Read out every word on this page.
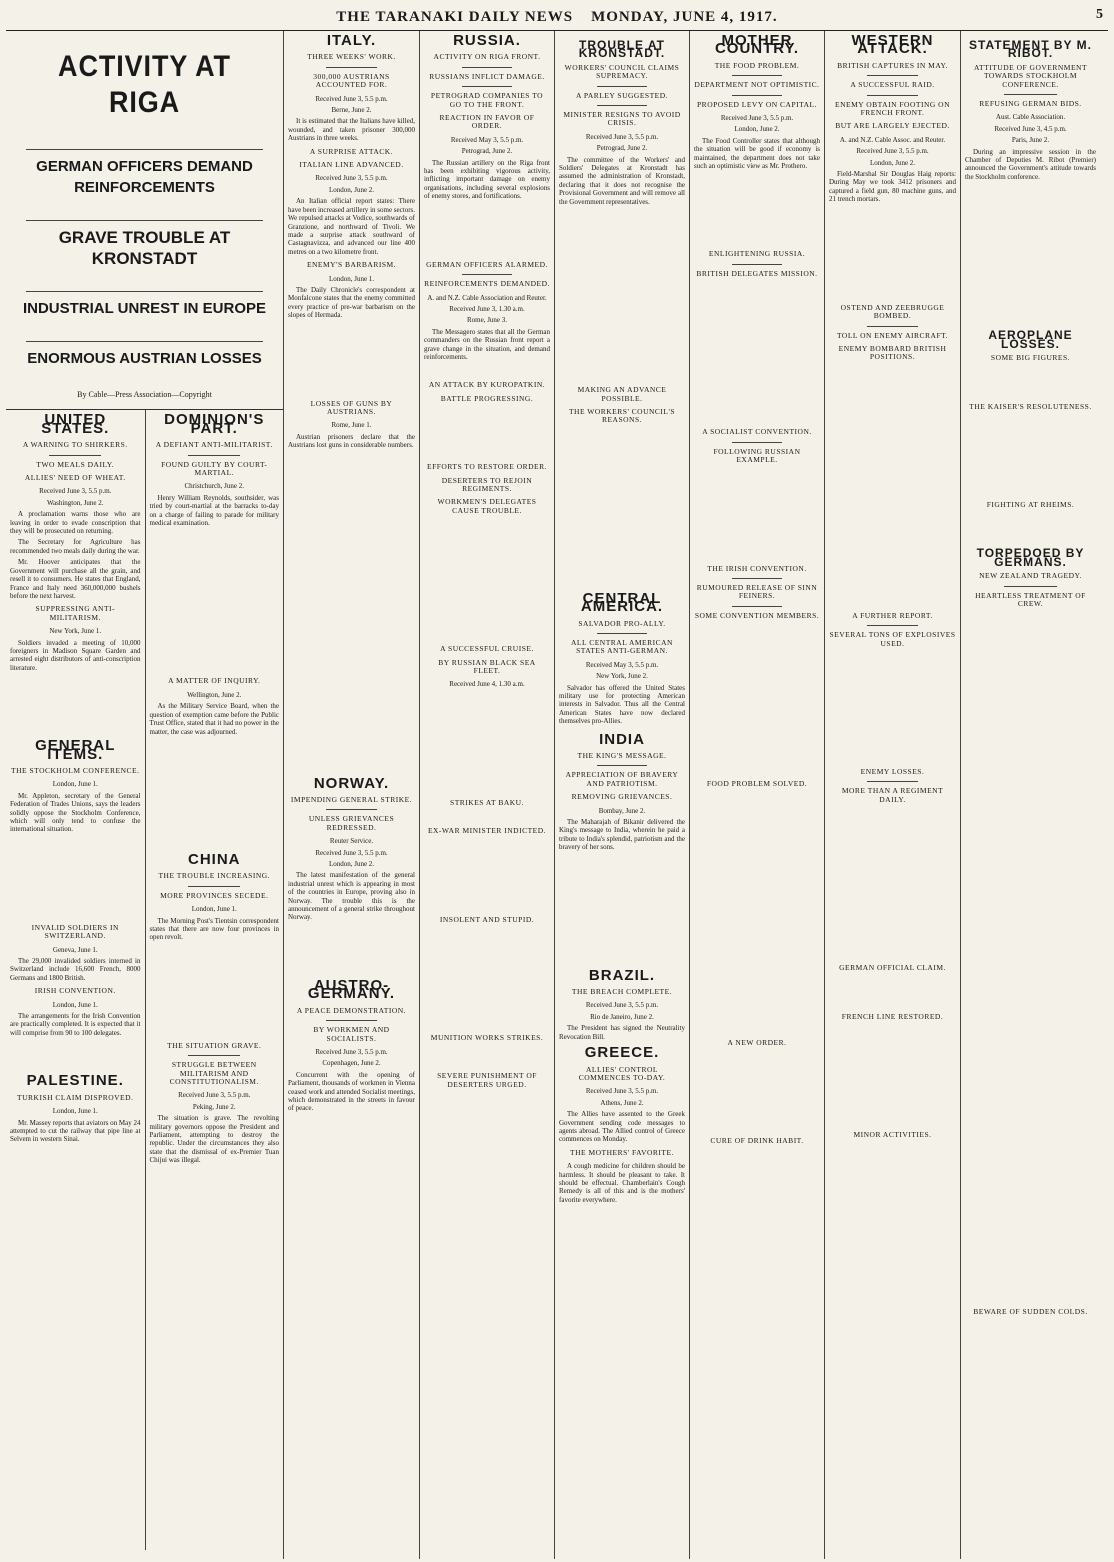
THE TARANAKI DAILY NEWS MONDAY, JUNE 4, 1917.	5
ACTIVITY AT RIGA
GERMAN OFFICERS DEMAND REINFORCEMENTS
GRAVE TROUBLE AT KRONSTADT
INDUSTRIAL UNREST IN EUROPE
ENORMOUS AUSTRIAN LOSSES
By Cable—Press Association—Copyright
UNITED STATES.
A WARNING TO SHIRKERS.
TWO MEALS DAILY.
ALLIES' NEED OF WHEAT.
Received June 3, 5.5 p.m.
Washington, June 2.

A proclamation warns those who are leaving in order to evade conscription that they will be prosecuted on returning.

The Secretary for Agriculture has recommended two meals daily during the war.

Mr. Hoover anticipates that the Government will purchase all the grain, and resell it to consumers. He states that England, France and Italy need 360,000,000 bushels before the next harvest.

SUPPRESSING ANTI-MILITARISM.
New York, June 1.

Soldiers invaded a meeting of 10,000 foreigners in Madison Square Garden and arrested eight distributors of anti-conscription literature.

GENERAL ITEMS.
THE STOCKHOLM CONFERENCE.
London, June 1.

Mr. Appleton, secretary of the General Federation of Trades Unions, says the leaders solidly oppose the Stockholm Conference, which will only tend to confuse the international situation.

INVALID SOLDIERS IN SWITZERLAND.
Geneva, June 1.

The 29,000 invalided soldiers interned in Switzerland include 16,600 French, 8000 Germans and 1800 British.

IRISH CONVENTION.
London, June 1.

The arrangements for the Irish Convention are practically completed. It is expected that it will comprise from 90 to 100 delegates.

PALESTINE.
TURKISH CLAIM DISPROVED.
London, June 1.

Mr. Massey reports that aviators on May 24 attempted to cut the railway that pipe line at Selvem in western Sinai.

DOMINION'S PART.
A DEFIANT ANTI-MILITARIST.
FOUND GUILTY BY COURT-MARTIAL.
Christchurch, June 2.

Henry William Reynolds, southsider, was tried by court-martial at the barracks to-day on a charge of failing to parade for military medical examination.

A MATTER OF INQUIRY.
Wellington, June 2.

As the Military Service Board, when the question of exemption came before the Public Trust Office, stated that it had no power in the matter, the case was adjourned.

CHINA
THE TROUBLE INCREASING.
MORE PROVINCES SECEDE.
London, June 1.

The Morning Post's Tientsin correspondent states that there are now four provinces in open revolt.

THE SITUATION GRAVE.
STRUGGLE BETWEEN MILITARISM AND CONSTITUTIONALISM.
Received June 3, 5.5 p.m.
Peking, June 2.

The situation is grave. The revolting military governors oppose the President and Parliament, attempting to destroy the republic. Under the circumstances they also state that the dismissal of ex-Premier Tuan Chijui was illegal.

ITALY.
THREE WEEKS' WORK.
300,000 AUSTRIANS ACCOUNTED FOR.
Received June 3, 5.5 p.m.
Berne, June 2.

It is estimated that the Italians have killed, wounded, and taken prisoner 300,000 Austrians in three weeks.

A SURPRISE ATTACK.
ITALIAN LINE ADVANCED.
Received June 3, 5.5 p.m.
London, June 2.

An Italian official report states: There have been increased artillery in some sectors. We repulsed attacks at Vodice, southwards of Granzione, and northward of Tivoli. We made a surprise attack southward of Castagnavizza, and advanced our line 400 metres on a two kilometre front.

ENEMY'S BARBARISM.
London, June 1.

The Daily Chronicle's correspondent at Monfalcone states that the enemy committed every practice of pre-war barbarism on the slopes of Hermada.

LOSSES OF GUNS BY AUSTRIANS.
Rome, June 1.

Austrian prisoners declare that the Austrians lost guns in considerable numbers.

NORWAY.
IMPENDING GENERAL STRIKE.
UNLESS GRIEVANCES REDRESSED.
Reuter Service.
Received June 3, 5.5 p.m.
London, June 2.

The latest manifestation of the general industrial unrest which is appearing in most of the countries in Europe, proving also in Norway. The trouble this is the announcement of a general strike throughout Norway.

AUSTRO-GERMANY.
A PEACE DEMONSTRATION.
BY WORKMEN AND SOCIALISTS.
Received June 3, 5.5 p.m.
Copenhagen, June 2.

Concurrent with the opening of Parliament, thousands of workmen in Vienna ceased work and attended Socialist meetings, which demonstrated in the streets in favour of peace.

RUSSIA.
ACTIVITY ON RIGA FRONT.
RUSSIANS INFLICT DAMAGE.
PETROGRAD COMPANIES TO GO TO THE FRONT.
REACTION IN FAVOR OF ORDER.
Received May 3, 5.5 p.m.
Petrograd, June 2.

The Russian artillery on the Riga front has been exhibiting vigorous activity, inflicting important damage on enemy organisations, including several explosions of enemy stores, and fortifications.

GERMAN OFFICERS ALARMED.
REINFORCEMENTS DEMANDED.
A. and N.Z. Cable Association and Reuter.
Received June 3, 1.30 a.m.
Rome, June 3.

The Messagero states that all the German commanders on the Russian front report a grave change in the situation, and demand reinforcements.

AN ATTACK BY KUROPATKIN.
BATTLE PROGRESSING.
EFFORTS TO RESTORE ORDER.
DESERTERS TO REJOIN REGIMENTS.
WORKMEN'S DELEGATES CAUSE TROUBLE.
A SUCCESSFUL CRUISE.
BY RUSSIAN BLACK SEA FLEET.
Received June 4, 1.30 a.m.
STRIKES AT BAKU.
EX-WAR MINISTER INDICTED.
INSOLENT AND STUPID.
MUNITION WORKS STRIKES.
SEVERE PUNISHMENT OF DESERTERS URGED.
TROUBLE AT KRONSTADT.
WORKERS' COUNCIL CLAIMS SUPREMACY.
A PARLEY SUGGESTED.
MINISTER RESIGNS TO AVOID CRISIS.
Received June 3, 5.5 p.m.
Petrograd, June 2.

The committee of the Workers' and Soldiers' Delegates at Kronstadt has assumed the administration of Kronstadt, declaring that it does not recognise the Provisional Government and will remove all the Government representatives.

MAKING AN ADVANCE POSSIBLE.
THE WORKERS' COUNCIL'S REASONS.
CENTRAL AMERICA.
SALVADOR PRO-ALLY.
ALL CENTRAL AMERICAN STATES ANTI-GERMAN.
Received May 3, 5.5 p.m.
New York, June 2.

Salvador has offered the United States military use for protecting American interests in Salvador. Thus all the Central American States have now declared themselves pro-Allies.

INDIA
THE KING'S MESSAGE.
APPRECIATION OF BRAVERY AND PATRIOTISM.
REMOVING GRIEVANCES.
Bombay, June 2.

The Maharajah of Bikanir delivered the King's message to India, wherein he paid a tribute to India's splendid, patriotism and the bravery of her sons.

BRAZIL.
THE BREACH COMPLETE.
Received June 3, 5.5 p.m.
Rio de Janeiro, June 2.

The President has signed the Neutrality Revocation Bill.

GREECE.
ALLIES' CONTROL COMMENCES TO-DAY.
Received June 3, 5.5 p.m.
Athens, June 2.

The Allies have assented to the Greek Government sending code messages to agents abroad. The Allied control of Greece commences on Monday.

THE MOTHERS' FAVORITE.

A cough medicine for children should be harmless. It should be pleasant to take. It should be effectual. Chamberlain's Cough Remedy is all of this and is the mothers' favorite everywhere.

MOTHER COUNTRY.
THE FOOD PROBLEM.
DEPARTMENT NOT OPTIMISTIC.
PROPOSED LEVY ON CAPITAL.
Received June 3, 5.5 p.m.
London, June 2.

The Food Controller states that although the situation will be good if economy is maintained, the department does not take such an optimistic view as Mr. Prothero.

ENLIGHTENING RUSSIA.
BRITISH DELEGATES MISSION.
A SOCIALIST CONVENTION.
FOLLOWING RUSSIAN EXAMPLE.
THE IRISH CONVENTION.
RUMOURED RELEASE OF SINN FEINERS.
SOME CONVENTION MEMBERS.
FOOD PROBLEM SOLVED.
A NEW ORDER.
CURE OF DRINK HABIT.
WESTERN ATTACK.
BRITISH CAPTURES IN MAY.
A SUCCESSFUL RAID.
ENEMY OBTAIN FOOTING ON FRENCH FRONT.
BUT ARE LARGELY EJECTED.
A. and N.Z. Cable Assoc. and Reuter.
Received June 3, 5.5 p.m.
London, June 2.

Field-Marshal Sir Douglas Haig reports: During May we took 3412 prisoners and captured a field gun, 80 machine guns, and 21 trench mortars.

OSTEND AND ZEEBRUGGE BOMBED.
TOLL ON ENEMY AIRCRAFT.
ENEMY BOMBARD BRITISH POSITIONS.
A FURTHER REPORT.
SEVERAL TONS OF EXPLOSIVES USED.
ENEMY LOSSES.
MORE THAN A REGIMENT DAILY.
GERMAN OFFICIAL CLAIM.
FRENCH LINE RESTORED.
MINOR ACTIVITIES.
STATEMENT BY M. RIBOT.
ATTITUDE OF GOVERNMENT TOWARDS STOCKHOLM CONFERENCE.
REFUSING GERMAN BIDS.
Aust. Cable Association.
Received June 3, 4.5 p.m.
Paris, June 2.

During an impressive session in the Chamber of Deputies M. Ribot (Premier) announced the Government's attitude towards the Stockholm conference.

AEROPLANE LOSSES.
SOME BIG FIGURES.
THE KAISER'S RESOLUTENESS.
FIGHTING AT RHEIMS.
TORPEDOED BY GERMANS.
NEW ZEALAND TRAGEDY.
HEARTLESS TREATMENT OF CREW.
BEWARE OF SUDDEN COLDS.
